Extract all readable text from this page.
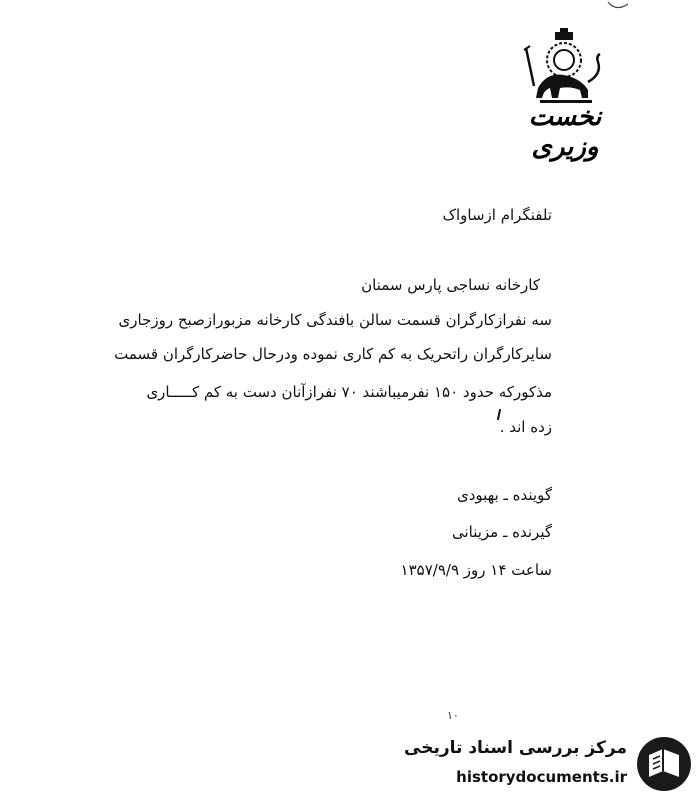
نخست وزیری
تلفنگرام ازساواک
کارخانه نساجی پارس سمنان
سه نفرازکارگران قسمت سالن بافندگی کارخانه مزبورازصبح روزجاری
سایرکارگران راتحریک به کم کاری نموده ودرحال حاضرکارگران قسمت
مذکورکه حدود ۱۵۰ نفرمیباشند ۷۰ نفرازآنان دست به کم کـــــاری
زده اند .
گوینده ـ بهبودی
گیرنده ـ مزینانی
ساعت ۱۴ روز ۱۳۵۷/۹/۹
۱۰
مرکز بررسی اسناد تاریخی
historydocuments.ir
